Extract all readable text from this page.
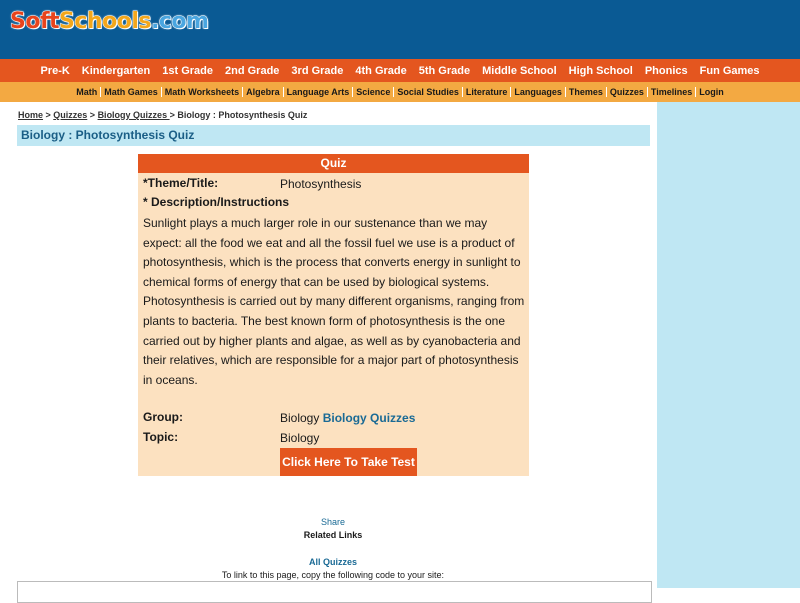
SoftSchools.com
Pre-K	Kindergarten	1st Grade	2nd Grade	3rd Grade	4th Grade	5th Grade	Middle School	High School	Phonics	Fun Games
Math Math Games Math Worksheets Algebra Language Arts Science Social Studies Literature Languages Themes Quizzes Timelines Login
Home > Quizzes > Biology Quizzes > Biology : Photosynthesis Quiz
Biology : Photosynthesis Quiz
Quiz
*Theme/Title:	Photosynthesis
* Description/Instructions
Sunlight plays a much larger role in our sustenance than we may expect: all the food we eat and all the fossil fuel we use is a product of photosynthesis, which is the process that converts energy in sunlight to chemical forms of energy that can be used by biological systems. Photosynthesis is carried out by many different organisms, ranging from plants to bacteria. The best known form of photosynthesis is the one carried out by higher plants and algae, as well as by cyanobacteria and their relatives, which are responsible for a major part of photosynthesis in oceans.
Group:	Biology Biology Quizzes
Topic:	Biology
Click Here To Take Test
Share
Related Links
All Quizzes
To link to this page, copy the following code to your site:
